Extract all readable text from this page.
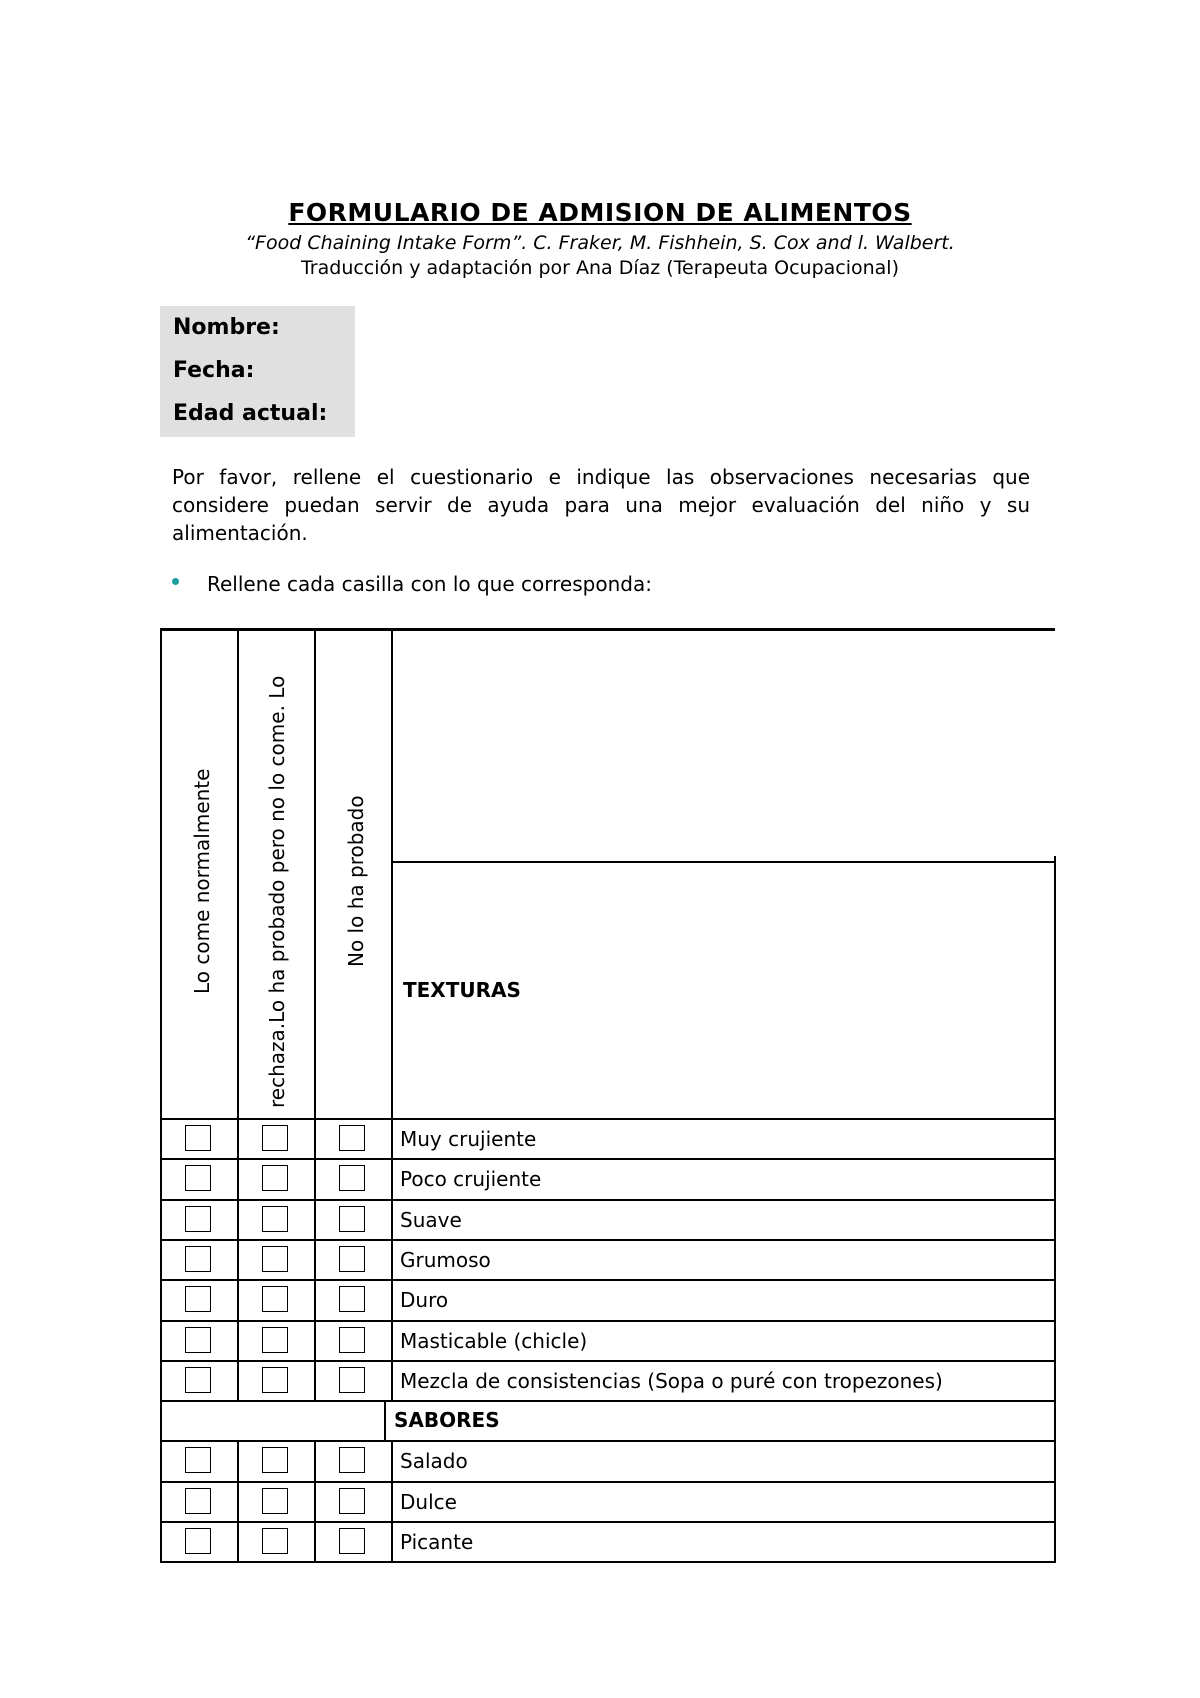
FORMULARIO DE ADMISION DE ALIMENTOS
“Food Chaining Intake Form”. C. Fraker, M. Fishhein, S. Cox and l. Walbert.
Traducción y adaptación por Ana Díaz (Terapeuta Ocupacional)
Nombre:
Fecha:
Edad actual:
Por favor, rellene el cuestionario e indique las observaciones necesarias que considere puedan servir de ayuda para una mejor evaluación del niño y su alimentación.
Rellene cada casilla con lo que corresponda:
Lo come normalmente	rechaza.Lo ha probado pero no lo come. Lo	No lo ha probado
TEXTURAS
Muy crujiente
Poco crujiente
Suave
Grumoso
Duro
Masticable (chicle)
Mezcla de consistencias (Sopa o puré con tropezones)
SABORES
Salado
Dulce
Picante
